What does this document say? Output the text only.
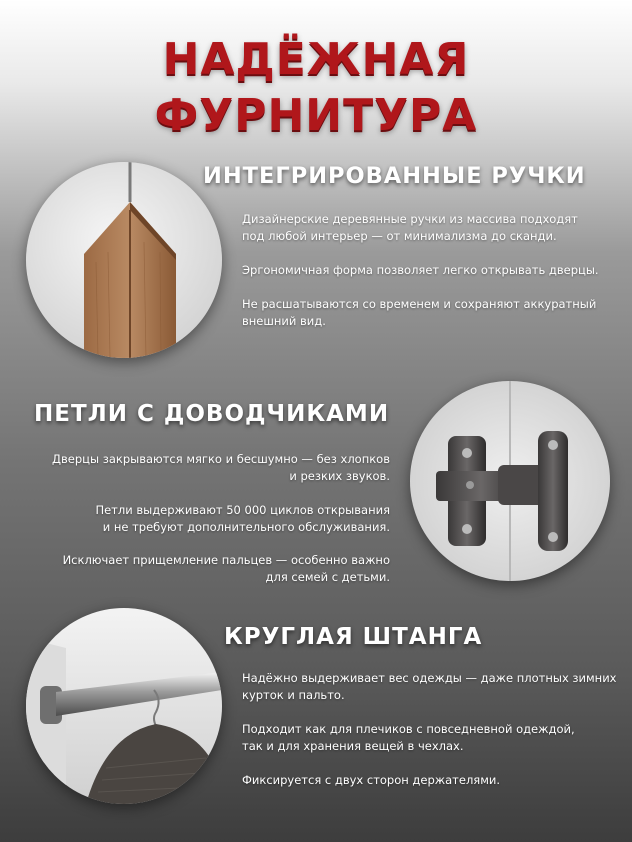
НАДЁЖНАЯ
ФУРНИТУРА
ИНТЕГРИРОВАННЫЕ РУЧКИ

Дизайнерские деревянные ручки из массива подходят
под любой интерьер — от минимализма до сканди.

Эргономичная форма позволяет легко открывать дверцы.

Не расшатываются со временем и сохраняют аккуратный
внешний вид.

ПЕТЛИ С ДОВОДЧИКАМИ

Дверцы закрываются мягко и бесшумно — без хлопков
и резких звуков.

Петли выдерживают 50 000 циклов открывания
и не требуют дополнительного обслуживания.

Исключает прищемление пальцев — особенно важно
для семей с детьми.

КРУГЛАЯ ШТАНГА

Надёжно выдерживает вес одежды — даже плотных зимних
курток и пальто.

Подходит как для плечиков с повседневной одеждой,
так и для хранения вещей в чехлах.

Фиксируется с двух сторон держателями.
